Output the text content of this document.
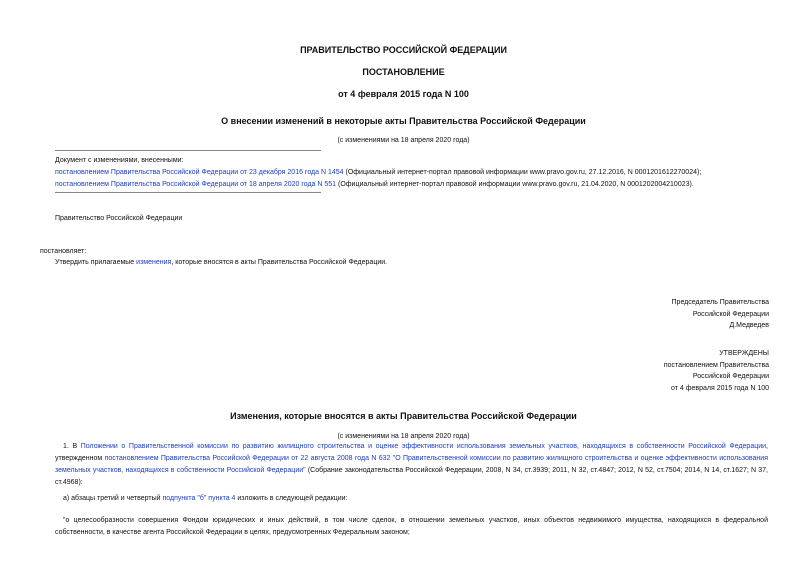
ПРАВИТЕЛЬСТВО РОССИЙСКОЙ ФЕДЕРАЦИИ
ПОСТАНОВЛЕНИЕ
от 4 февраля 2015 года N 100
О внесении изменений в некоторые акты Правительства Российской Федерации
(с изменениями на 18 апреля 2020 года)
Документ с изменениями, внесенными:
постановлением Правительства Российской Федерации от 23 декабря 2016 года N 1454 (Официальный интернет-портал правовой информации www.pravo.gov.ru, 27.12.2016, N 0001201612270024);
постановлением Правительства Российской Федерации от 18 апреля 2020 года N 551 (Официальный интернет-портал правовой информации www.pravo.gov.ru, 21.04.2020, N 0001202004210023).
Правительство Российской Федерации
постановляет:
Утвердить прилагаемые изменения, которые вносятся в акты Правительства Российской Федерации.
Председатель Правительства
Российской Федерации
Д.Медведев
УТВЕРЖДЕНЫ
постановлением Правительства
Российской Федерации
от 4 февраля 2015 года N 100
Изменения, которые вносятся в акты Правительства Российской Федерации
(с изменениями на 18 апреля 2020 года)
1. В Положении о Правительственной комиссии по развитию жилищного строительства и оценке эффективности использования земельных участков, находящихся в собственности Российской Федерации, утвержденном постановлением Правительства Российской Федерации от 22 августа 2008 года N 632 "О Правительственной комиссии по развитию жилищного строительства и оценке эффективности использования земельных участков, находящихся в собственности Российской Федерации" (Собрание законодательства Российской Федерации, 2008, N 34, ст.3939; 2011, N 32, ст.4847; 2012, N 52, ст.7504; 2014, N 14, ст.1627; N 37, ст.4968):
а) абзацы третий и четвертый подпункта "б" пункта 4 изложить в следующей редакции:
"о целесообразности совершения Фондом юридических и иных действий, в том числе сделок, в отношении земельных участков, иных объектов недвижимого имущества, находящихся в федеральной собственности, в качестве агента Российской Федерации в целях, предусмотренных Федеральным законом;
